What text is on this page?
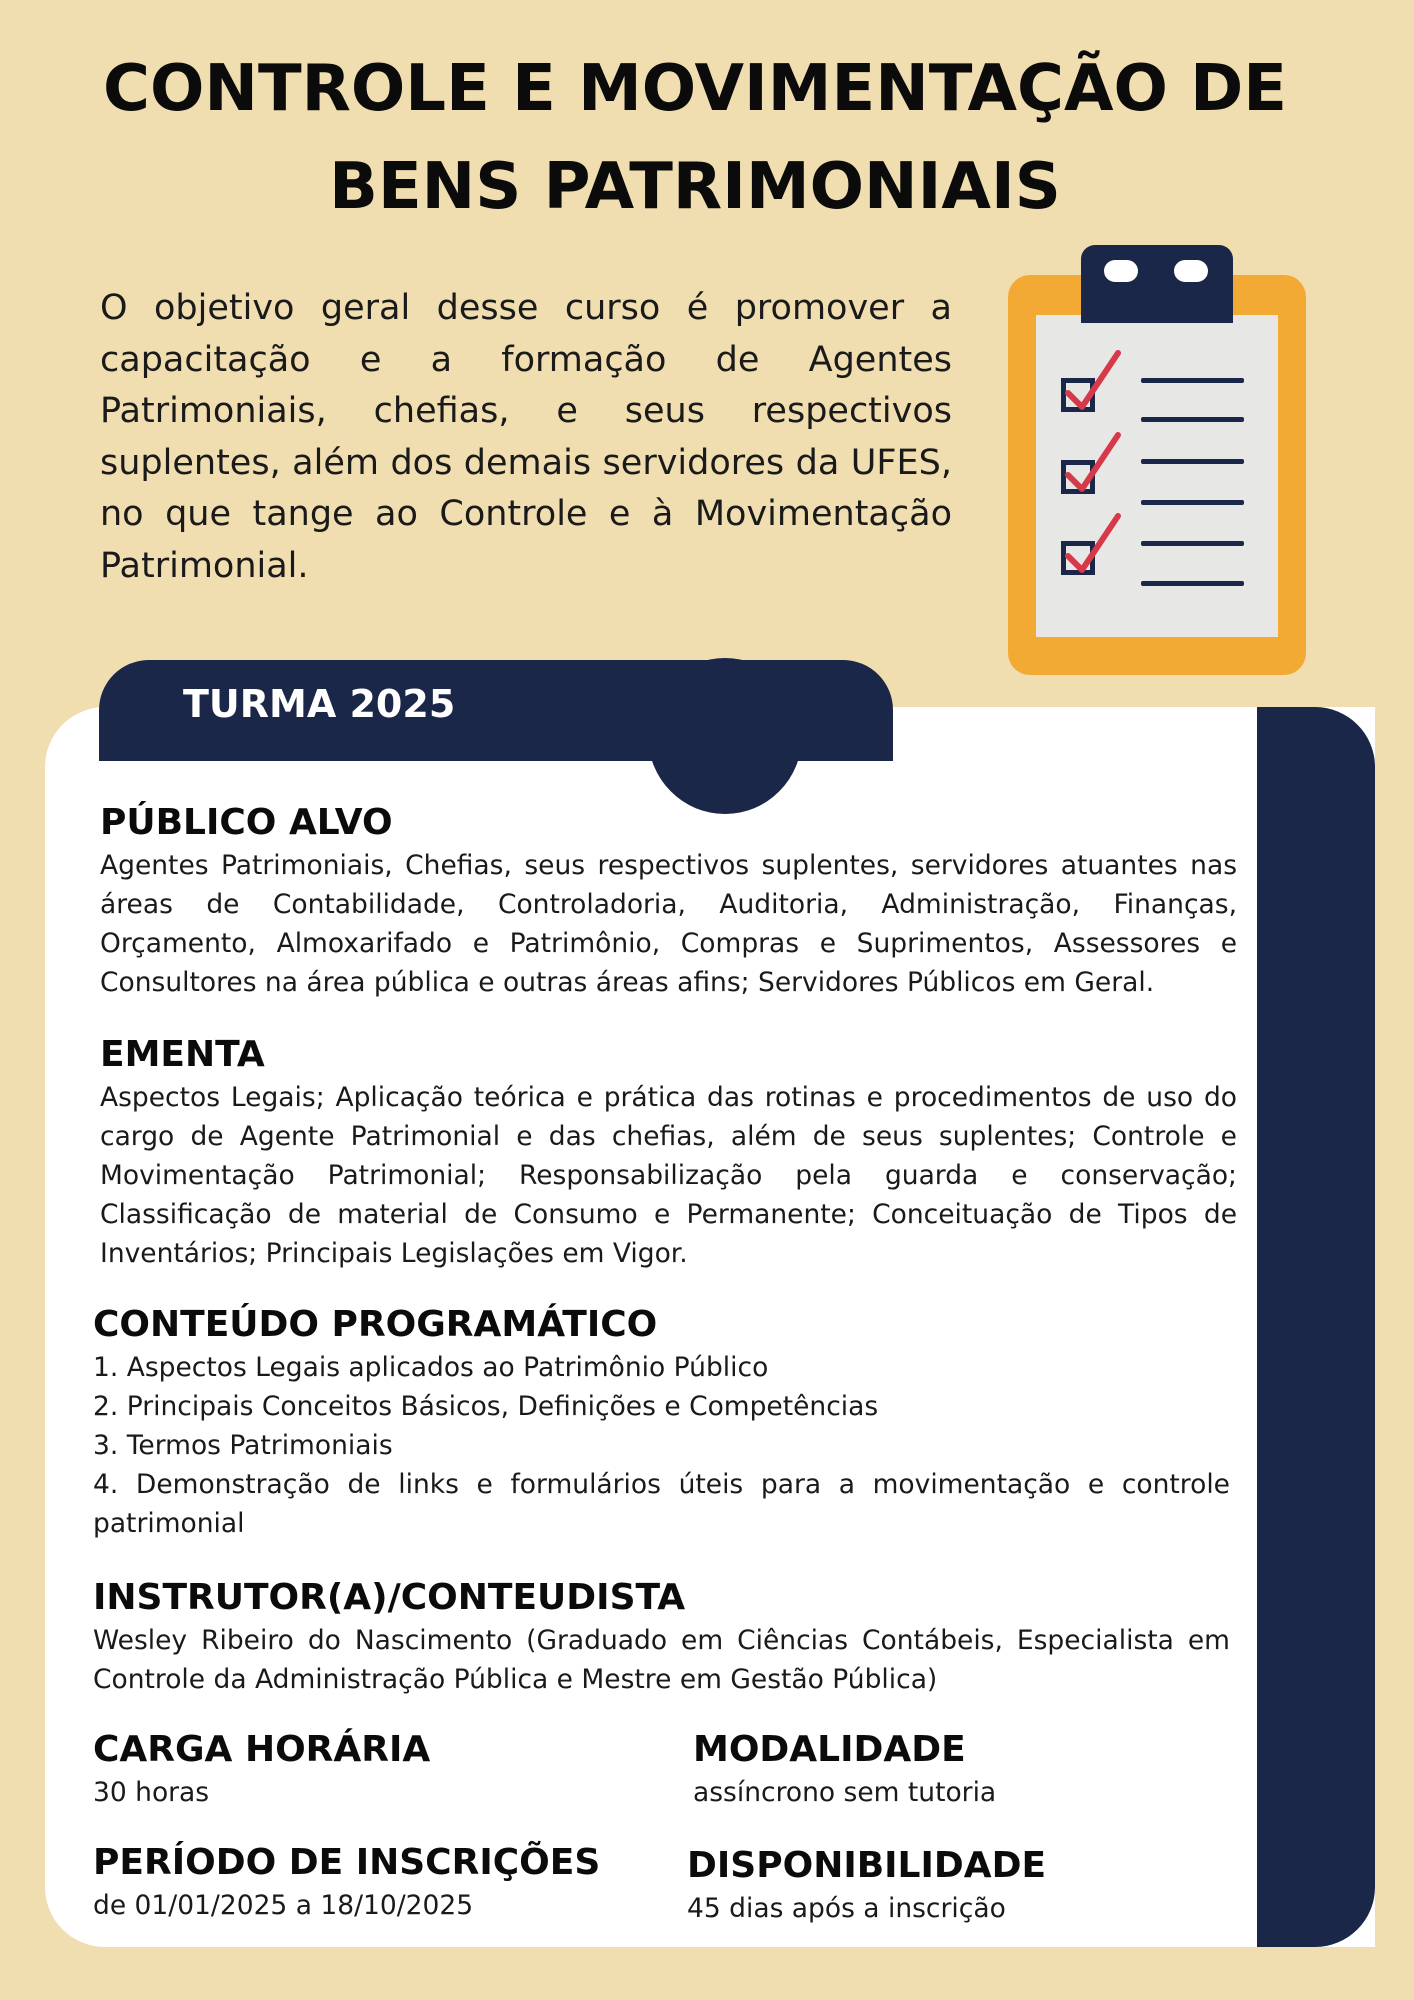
CONTROLE E MOVIMENTAÇÃO DE
BENS PATRIMONIAIS
O objetivo geral desse curso é promover a capacitação e a formação de Agentes Patrimoniais, chefias, e seus respectivos suplentes, além dos demais servidores da UFES, no que tange ao Controle e à Movimentação Patrimonial.
TURMA 2025
PÚBLICO ALVO

Agentes Patrimoniais, Chefias, seus respectivos suplentes, servidores atuantes nas áreas de Contabilidade, Controladoria, Auditoria, Administração, Finanças, Orçamento, Almoxarifado e Patrimônio, Compras e Suprimentos, Assessores e Consultores na área pública e outras áreas afins; Servidores Públicos em Geral.

EMENTA

Aspectos Legais; Aplicação teórica e prática das rotinas e procedimentos de uso do cargo de Agente Patrimonial e das chefias, além de seus suplentes; Controle e Movimentação Patrimonial; Responsabilização pela guarda e conservação; Classificação de material de Consumo e Permanente; Conceituação de Tipos de Inventários; Principais Legislações em Vigor.

CONTEÚDO PROGRAMÁTICO
1. Aspectos Legais aplicados ao Patrimônio Público
2. Principais Conceitos Básicos, Definições e Competências
3. Termos Patrimoniais
4. Demonstração de links e formulários úteis para a movimentação e controle patrimonial
INSTRUTOR(A)/CONTEUDISTA

Wesley Ribeiro do Nascimento (Graduado em Ciências Contábeis, Especialista em Controle da Administração Pública e Mestre em Gestão Pública)

CARGA HORÁRIA

30 horas

MODALIDADE

assíncrono sem tutoria

PERÍODO DE INSCRIÇÕES

de 01/01/2025 a 18/10/2025

DISPONIBILIDADE

45 dias após a inscrição
